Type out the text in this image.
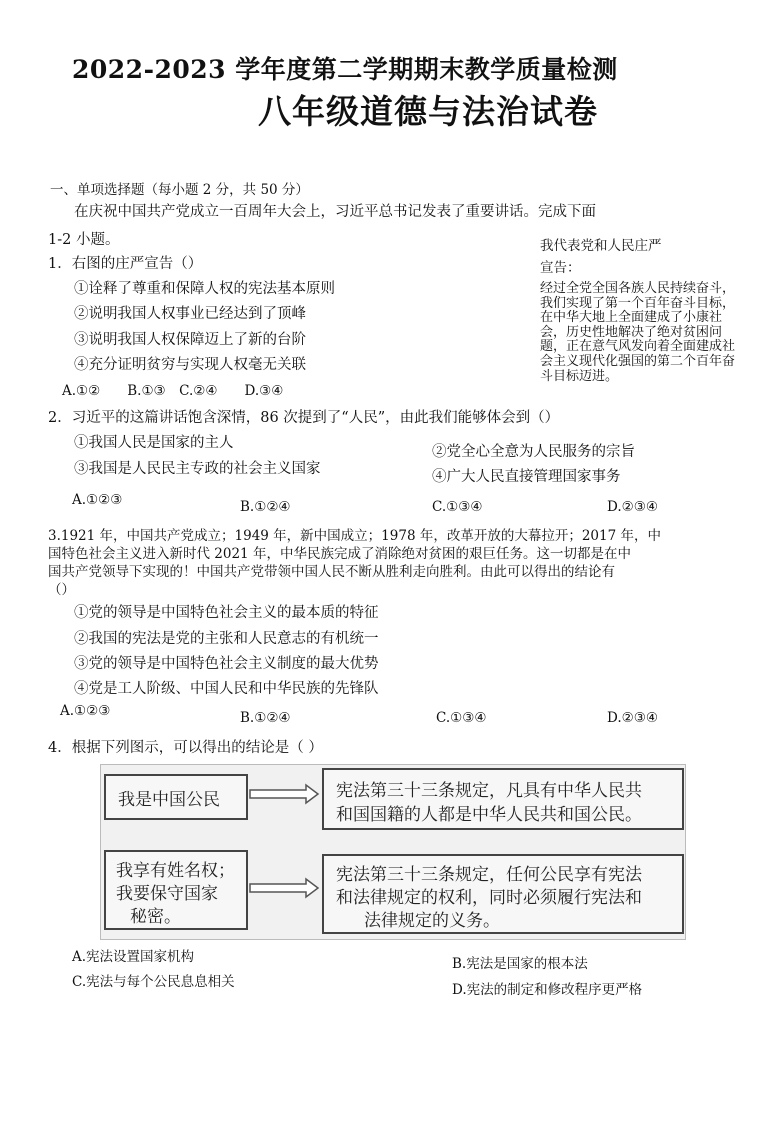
2022-2023 学年度第二学期期末教学质量检测
八年级道德与法治试卷
一、单项选择题（每小题 2 分，共 50 分）
在庆祝中国共产党成立一百周年大会上，习近平总书记发表了重要讲话。完成下面
1-2 小题。	我代表党和人民庄严
宣告：
经过全党全国各族人民持续奋斗，我们实现了第一个百年奋斗目标，在中华大地上全面建成了小康社会，历史性地解决了绝对贫困问题，正在意气风发向着全面建成社会主义现代化强国的第二个百年奋斗目标迈进。
1．右图的庄严宣告（）
①诠释了尊重和保障人权的宪法基本原则
②说明我国人权事业已经达到了顶峰
③说明我国人权保障迈上了新的台阶
④充分证明贫穷与实现人权毫无关联
A.①②　　B.①③　C.②④　　D.③④
2．习近平的这篇讲话饱含深情，86 次提到了“人民”，由此我们能够体会到（）
①我国人民是国家的主人
②党全心全意为人民服务的宗旨
③我国是人民民主专政的社会主义国家	④广大人民直接管理国家事务
A.①②③	B.①②④	C.①③④	D.②③④
3.1921 年，中国共产党成立；1949 年，新中国成立；1978 年，改革开放的大幕拉开；2017 年，中
国特色社会主义进入新时代 2021 年，中华民族完成了消除绝对贫困的艰巨任务。这一切都是在中
国共产党领导下实现的！中国共产党带领中国人民不断从胜利走向胜利。由此可以得出的结论有
（）
①党的领导是中国特色社会主义的最本质的特征
②我国的宪法是党的主张和人民意志的有机统一
③党的领导是中国特色社会主义制度的最大优势
④党是工人阶级、中国人民和中华民族的先锋队
A.①②③	B.①②④	C.①③④	D.②③④
4．根据下列图示，可以得出的结论是（ ）
我是中国公民	宪法第三十三条规定，凡具有中华人民共
和国国籍的人都是中华人民共和国公民。
我享有姓名权；
我要保守国家
秘密。
宪法第三十三条规定，任何公民享有宪法
和法律规定的权利，同时必须履行宪法和
法律规定的义务。
A.宪法设置国家机构	B.宪法是国家的根本法
C.宪法与每个公民息息相关	D.宪法的制定和修改程序更严格
